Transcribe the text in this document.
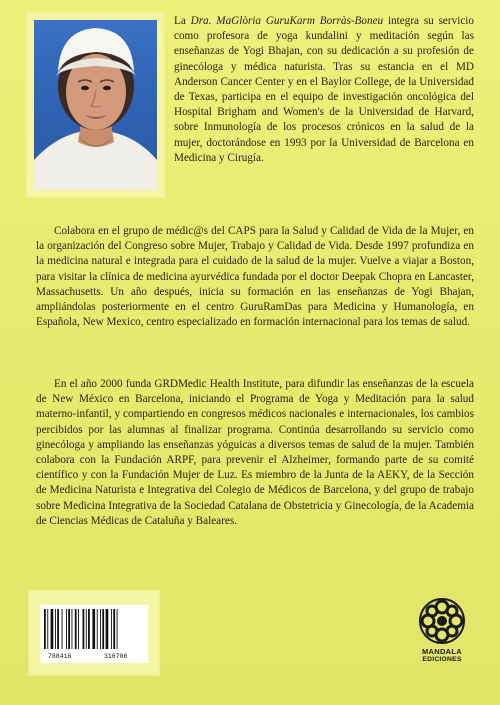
La Dra. MaGlòria GuruKarm Borràs-Boneu integra su servicio como profesora de yoga kundalini y meditación según las enseñanzas de Yogi Bhajan, con su dedicación a su profesión de ginecóloga y médica naturista. Tras su estancia en el MD Anderson Cancer Center y en el Baylor College, de la Universidad de Texas, participa en el equipo de investigación oncológica del Hospital Brigham and Women's de la Universidad de Harvard, sobre Inmunología de los procesos crónicos en la salud de la mujer, doctorándose en 1993 por la Universidad de Barcelona en Medicina y Cirugía.

Colabora en el grupo de médic@s del CAPS para la Salud y Calidad de Vida de la Mujer, en la organización del Congreso sobre Mujer, Trabajo y Calidad de Vida. Desde 1997 profundiza en la medicina natural e integrada para el cuidado de la salud de la mujer. Vuelve a viajar a Boston, para visitar la clínica de medicina ayurvédica fundada por el doctor Deepak Chopra en Lancaster, Massachusetts. Un año después, inicia su formación en las enseñanzas de Yogi Bhajan, ampliándolas posteriormente en el centro GuruRamDas para Medicina y Humanología, en Española, New Mexico, centro especializado en formación internacional para los temas de salud.

En el año 2000 funda GRDMedic Health Institute, para difundir las enseñanzas de la escuela de New México en Barcelona, iniciando el Programa de Yoga y Meditación para la salud materno-infantil, y compartiendo en congresos médicos nacionales e internacionales, los cambios percibidos por las alumnas al finalizar programa. Continúa desarrollando su servicio como ginecóloga y ampliando las enseñanzas yóguicas a diversos temas de salud de la mujer. También colabora con la Fundación ARPF, para prevenir el Alzheimer, formando parte de su comité científico y con la Fundación Mujer de Luz. Es miembro de la Junta de la AEKY, de la Sección de Medicina Naturista e Integrativa del Colegio de Médicos de Barcelona, y del grupo de trabajo sobre Medicina Integrativa de la Sociedad Catalana de Obstetricia y Ginecología, de la Academia de Ciencias Médicas de Cataluña y Baleares.

788416	316786
MANDALA
EDICIONES
